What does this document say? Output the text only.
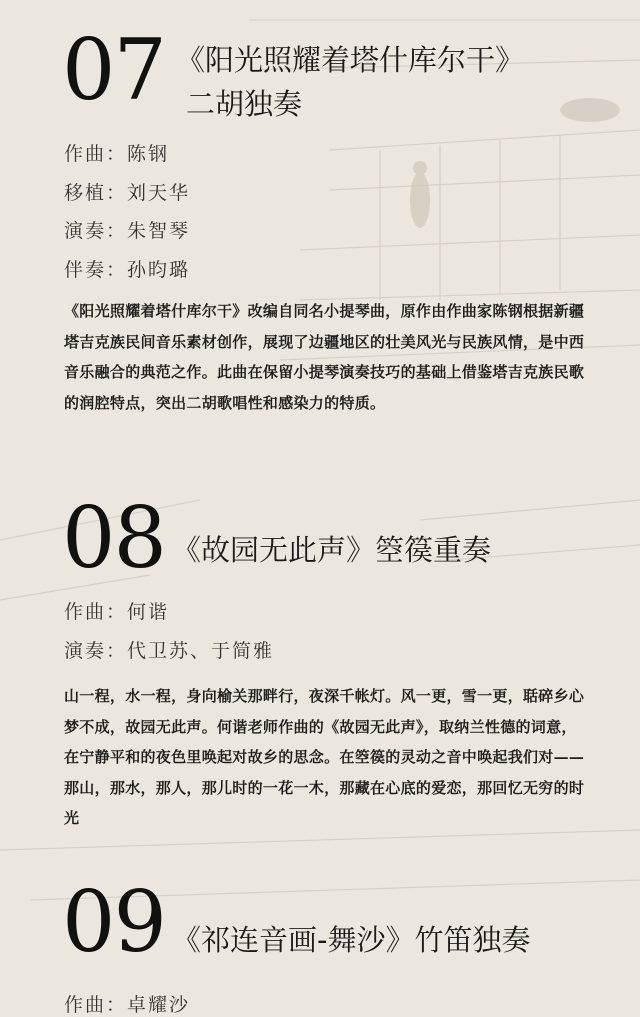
07 《阳光照耀着塔什库尔干》
二胡独奏
作曲：陈钢
移植：刘天华
演奏：朱智琴
伴奏：孙昀璐
《阳光照耀着塔什库尔干》改编自同名小提琴曲，原作由作曲家陈钢根据新疆塔吉克族民间音乐素材创作，展现了边疆地区的壮美风光与民族风情，是中西音乐融合的典范之作。此曲在保留小提琴演奏技巧的基础上借鉴塔吉克族民歌的润腔特点，突出二胡歌唱性和感染力的特质。
08 《故园无此声》箜篌重奏
作曲：何谐
演奏：代卫苏、于简雅
山一程，水一程，身向榆关那畔行，夜深千帐灯。风一更，雪一更，聒碎乡心梦不成，故园无此声。何谐老师作曲的《故园无此声》，取纳兰性德的词意，在宁静平和的夜色里唤起对故乡的思念。在箜篌的灵动之音中唤起我们对——那山，那水，那人，那儿时的一花一木，那藏在心底的爱恋，那回忆无穷的时光
09 《祁连音画-舞沙》竹笛独奏
作曲：卓耀沙
